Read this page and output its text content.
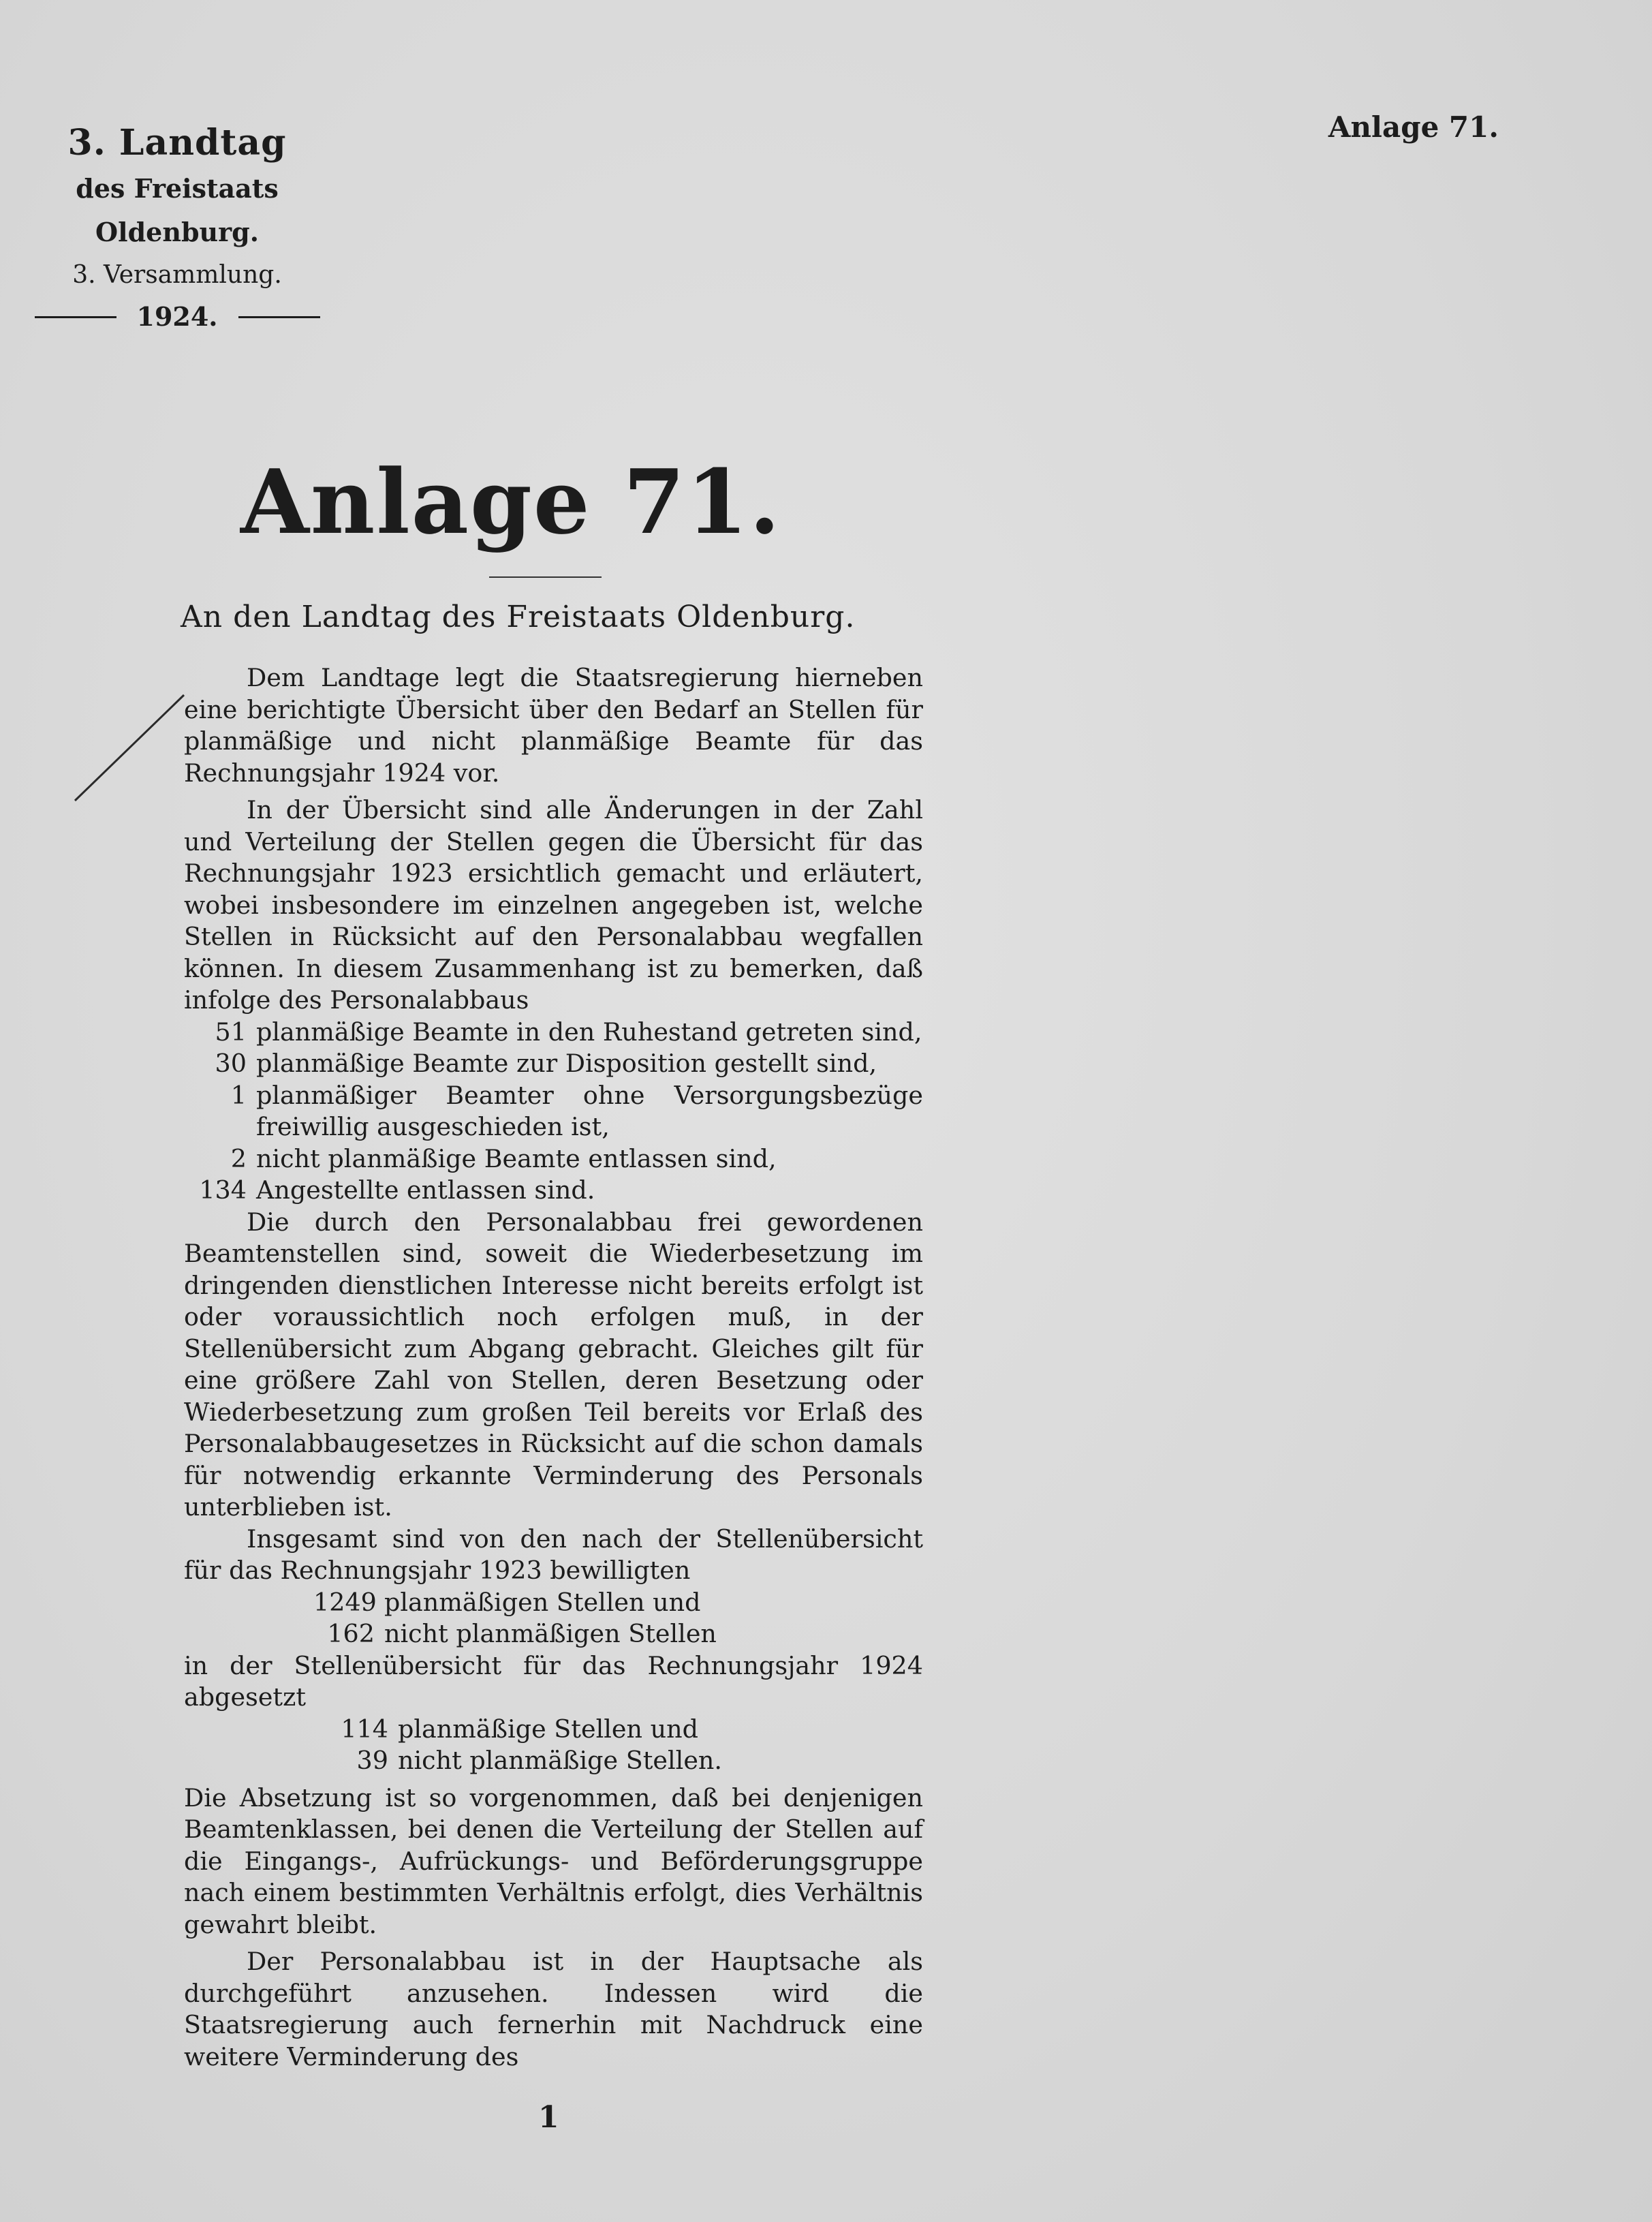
3. Landtag
des Freistaats Oldenburg.
3. Versammlung.
1924.
Anlage 71.
Anlage 71.
An den Landtag des Freistaats Oldenburg.

Dem Landtage legt die Staatsregierung hierneben eine berichtigte Übersicht über den Bedarf an Stellen für planmäßige und nicht planmäßige Beamte für das Rechnungsjahr 1924 vor.

In der Übersicht sind alle Änderungen in der Zahl und Verteilung der Stellen gegen die Übersicht für das Rechnungsjahr 1923 ersichtlich gemacht und erläutert, wobei insbesondere im einzelnen angegeben ist, welche Stellen in Rücksicht auf den Personalabbau wegfallen können. In diesem Zusammenhang ist zu bemerken, daß infolge des Personalabbaus

51 planmäßige Beamte in den Ruhestand getreten sind,
30 planmäßige Beamte zur Disposition gestellt sind,
1 planmäßiger Beamter ohne Versorgungsbezüge freiwillig ausgeschieden ist,
2 nicht planmäßige Beamte entlassen sind,
134 Angestellte entlassen sind.

Die durch den Personalabbau frei gewordenen Beamtenstellen sind, soweit die Wiederbesetzung im dringenden dienstlichen Interesse nicht bereits erfolgt ist oder voraussichtlich noch erfolgen muß, in der Stellenübersicht zum Abgang gebracht. Gleiches gilt für eine größere Zahl von Stellen, deren Besetzung oder Wiederbesetzung zum großen Teil bereits vor Erlaß des Personalabbaugesetzes in Rücksicht auf die schon damals für notwendig erkannte Verminderung des Personals unterblieben ist.

Insgesamt sind von den nach der Stellenübersicht für das Rechnungsjahr 1923 bewilligten

1249 planmäßigen Stellen und
162 nicht planmäßigen Stellen

in der Stellenübersicht für das Rechnungsjahr 1924 abgesetzt

114 planmäßige Stellen und
39 nicht planmäßige Stellen.

Die Absetzung ist so vorgenommen, daß bei denjenigen Beamtenklassen, bei denen die Verteilung der Stellen auf die Eingangs-, Aufrückungs- und Beförderungsgruppe nach einem bestimmten Verhältnis erfolgt, dies Verhältnis gewahrt bleibt.

Der Personalabbau ist in der Hauptsache als durchgeführt anzusehen. Indessen wird die Staatsregierung auch fernerhin mit Nachdruck eine weitere Verminderung des

1
